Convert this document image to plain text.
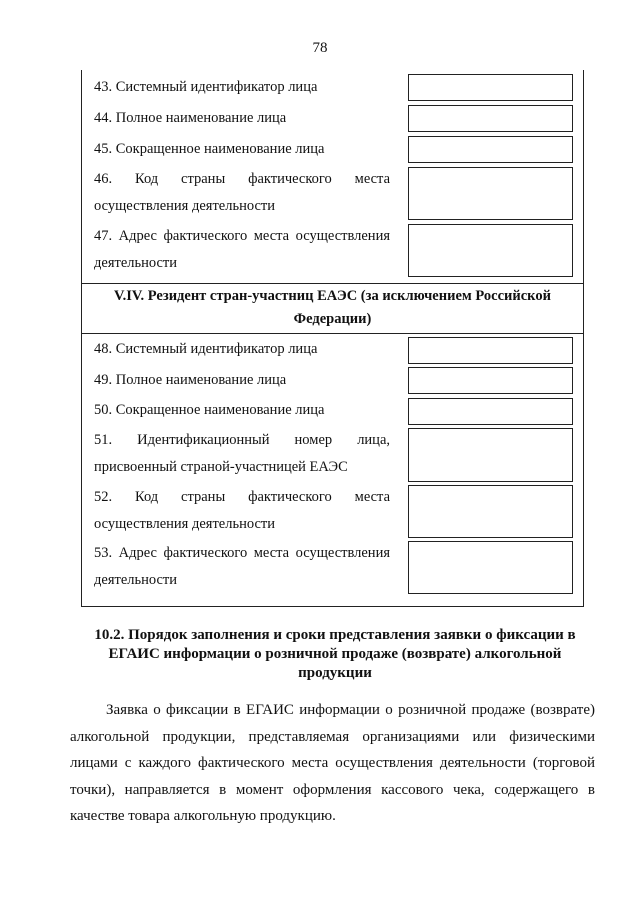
78
43. Системный идентификатор лица
44. Полное наименование лица
45. Сокращенное наименование лица
46. Код страны фактического места
осуществления деятельности
47. Адрес фактического места осуществления
деятельности
V.IV. Резидент стран-участниц ЕАЭС (за исключением Российской
Федерации)
48. Системный идентификатор лица
49. Полное наименование лица
50. Сокращенное наименование лица
51. Идентификационный номер лица,
присвоенный страной-участницей ЕАЭС
52. Код страны фактического места
осуществления деятельности
53. Адрес фактического места осуществления
деятельности
10.2. Порядок заполнения и сроки представления заявки о фиксации в
ЕГАИС информации о розничной продаже (возврате) алкогольной
продукции
Заявка о фиксации в ЕГАИС информации о розничной продаже (возврате) алкогольной продукции, представляемая организациями или физическими лицами с каждого фактического места осуществления деятельности (торговой точки), направляется в момент оформления кассового чека, содержащего в качестве товара алкогольную продукцию.
